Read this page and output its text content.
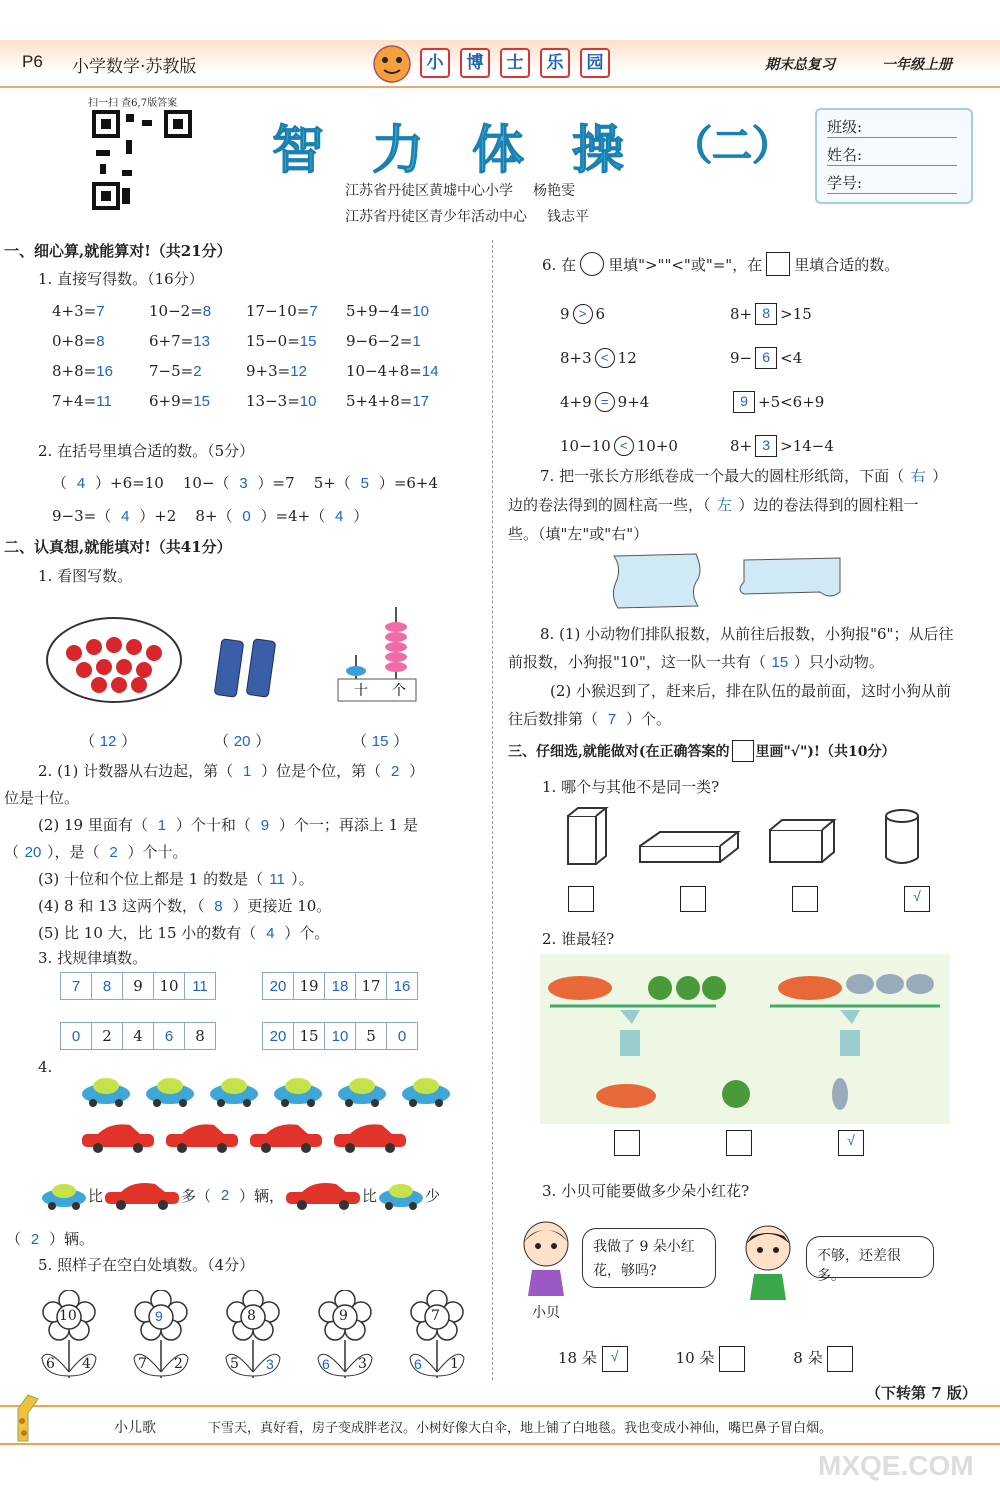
P6 小学数学·苏教版	小	博	士	乐	园	期末总复习	一年级上册
扫一扫 查6,7版答案
智 力 体 操 （二）
江苏省丹徒区黄墟中心小学 杨艳雯
江苏省丹徒区青少年活动中心 钱志平
班级:
姓名:
学号:
一、细心算,就能算对!（共21分）
1. 直接写得数。（16分）
4+3=7	10−2=8	17−10=7	5+9−4=10
0+8=8	6+7=13	15−0=15	9−6−2=1
8+8=16	7−5=2	9+3=12	10−4+8=14
7+4=11	6+9=15	13−3=10	5+4+8=17
2. 在括号里填合适的数。（5分）
（ 4 ）+6=10    10−（ 3 ）=7    5+（ 5 ）=6+4
9−3=（ 4 ）+2    8+（ 0 ）=4+（ 4 ）
二、认真想,就能填对!（共41分）
1. 看图写数。
十 个
（ 12 ）	（ 20 ）	（ 15 ）
2. (1) 计数器从右边起，第（ 1 ）位是个位，第（ 2 ）
位是十位。
(2) 19 里面有（ 1 ）个十和（ 9 ）个一；再添上 1 是
（ 20 ），是（ 2 ）个十。
(3) 十位和个位上都是 1 的数是（ 11 ）。
(4) 8 和 13 这两个数，（ 8 ）更接近 10。
(5) 比 10 大，比 15 小的数有（ 4 ）个。
3. 找规律填数。
7	8	9	10	11	20	19	18	17	16
0	2	4	6	8	20	15	10	5	0
4.
比	多（ 2 ）辆，	比	少
（ 2 ）辆。
5. 照样子在空白处填数。（4分）
10
6 4
9
7 2
8
5 3
9
6 3
7
6 1
6. 在 里填">""<"或"="，在 里填合适的数。
9 > 6	8+ 8 >15
8+3 < 12	9− 6 <4
4+9 = 9+4	9 +5<6+9
10−10 < 10+0	8+ 3 >14−4
7. 把一张长方形纸卷成一个最大的圆柱形纸筒，下面（ 右 ）
边的卷法得到的圆柱高一些，（ 左 ）边的卷法得到的圆柱粗一
些。（填"左"或"右"）
8. (1) 小动物们排队报数，从前往后报数，小狗报"6"；从后往
前报数，小狗报"10"，这一队一共有（ 15 ）只小动物。
(2) 小猴迟到了，赶来后，排在队伍的最前面，这时小狗从前
往后数排第（ 7 ）个。
三、仔细选,就能做对(在正确答案的 里画"√")!（共10分）
1. 哪个与其他不是同一类?
√
2. 谁最轻?
√
3. 小贝可能要做多少朵小红花?
我做了 9 朵小红花，够吗?
小贝
不够，还差很多。
18 朵 √	10 朵	8 朵
（下转第 7 版）
小儿歌	下雪天，真好看，房子变成胖老汉。小树好像大白伞，地上铺了白地毯。我也变成小神仙，嘴巴鼻子冒白烟。
MXQE.COM
